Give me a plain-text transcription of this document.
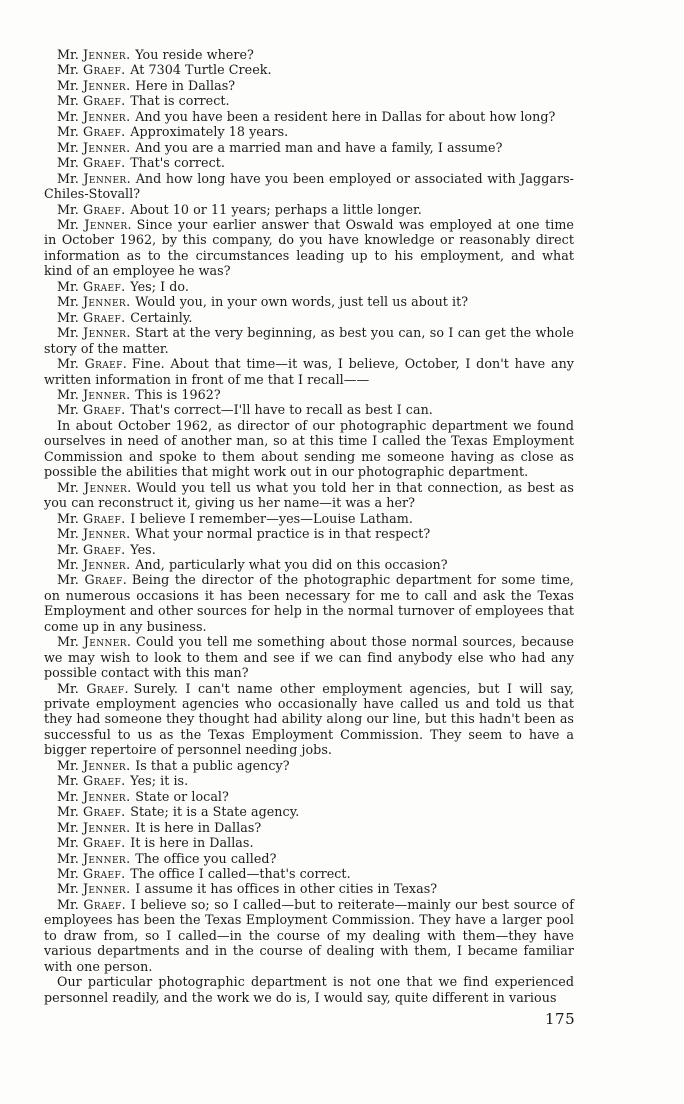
Mr. Jenner. You reside where?

Mr. Graef. At 7304 Turtle Creek.

Mr. Jenner. Here in Dallas?

Mr. Graef. That is correct.

Mr. Jenner. And you have been a resident here in Dallas for about how long?

Mr. Graef. Approximately 18 years.

Mr. Jenner. And you are a married man and have a family, I assume?

Mr. Graef. That's correct.

Mr. Jenner. And how long have you been employed or associated with Jaggars-Chiles-Stovall?

Mr. Graef. About 10 or 11 years; perhaps a little longer.

Mr. Jenner. Since your earlier answer that Oswald was employed at one time in October 1962, by this company, do you have knowledge or reasonably direct information as to the circumstances leading up to his employment, and what kind of an employee he was?

Mr. Graef. Yes; I do.

Mr. Jenner. Would you, in your own words, just tell us about it?

Mr. Graef. Certainly.

Mr. Jenner. Start at the very beginning, as best you can, so I can get the whole story of the matter.

Mr. Graef. Fine. About that time—it was, I believe, October, I don't have any written information in front of me that I recall——

Mr. Jenner. This is 1962?

Mr. Graef. That's correct—I'll have to recall as best I can.

In about October 1962, as director of our photographic department we found ourselves in need of another man, so at this time I called the Texas Employment Commission and spoke to them about sending me someone having as close as possible the abilities that might work out in our photographic department.

Mr. Jenner. Would you tell us what you told her in that connection, as best as you can reconstruct it, giving us her name—it was a her?

Mr. Graef. I believe I remember—yes—Louise Latham.

Mr. Jenner. What your normal practice is in that respect?

Mr. Graef. Yes.

Mr. Jenner. And, particularly what you did on this occasion?

Mr. Graef. Being the director of the photographic department for some time, on numerous occasions it has been necessary for me to call and ask the Texas Employment and other sources for help in the normal turnover of employees that come up in any business.

Mr. Jenner. Could you tell me something about those normal sources, because we may wish to look to them and see if we can find anybody else who had any possible contact with this man?

Mr. Graef. Surely. I can't name other employment agencies, but I will say, private employment agencies who occasionally have called us and told us that they had someone they thought had ability along our line, but this hadn't been as successful to us as the Texas Employment Commission. They seem to have a bigger repertoire of personnel needing jobs.

Mr. Jenner. Is that a public agency?

Mr. Graef. Yes; it is.

Mr. Jenner. State or local?

Mr. Graef. State; it is a State agency.

Mr. Jenner. It is here in Dallas?

Mr. Graef. It is here in Dallas.

Mr. Jenner. The office you called?

Mr. Graef. The office I called—that's correct.

Mr. Jenner. I assume it has offices in other cities in Texas?

Mr. Graef. I believe so; so I called—but to reiterate—mainly our best source of employees has been the Texas Employment Commission. They have a larger pool to draw from, so I called—in the course of my dealing with them—they have various departments and in the course of dealing with them, I became familiar with one person.

Our particular photographic department is not one that we find experienced personnel readily, and the work we do is, I would say, quite different in various

175
